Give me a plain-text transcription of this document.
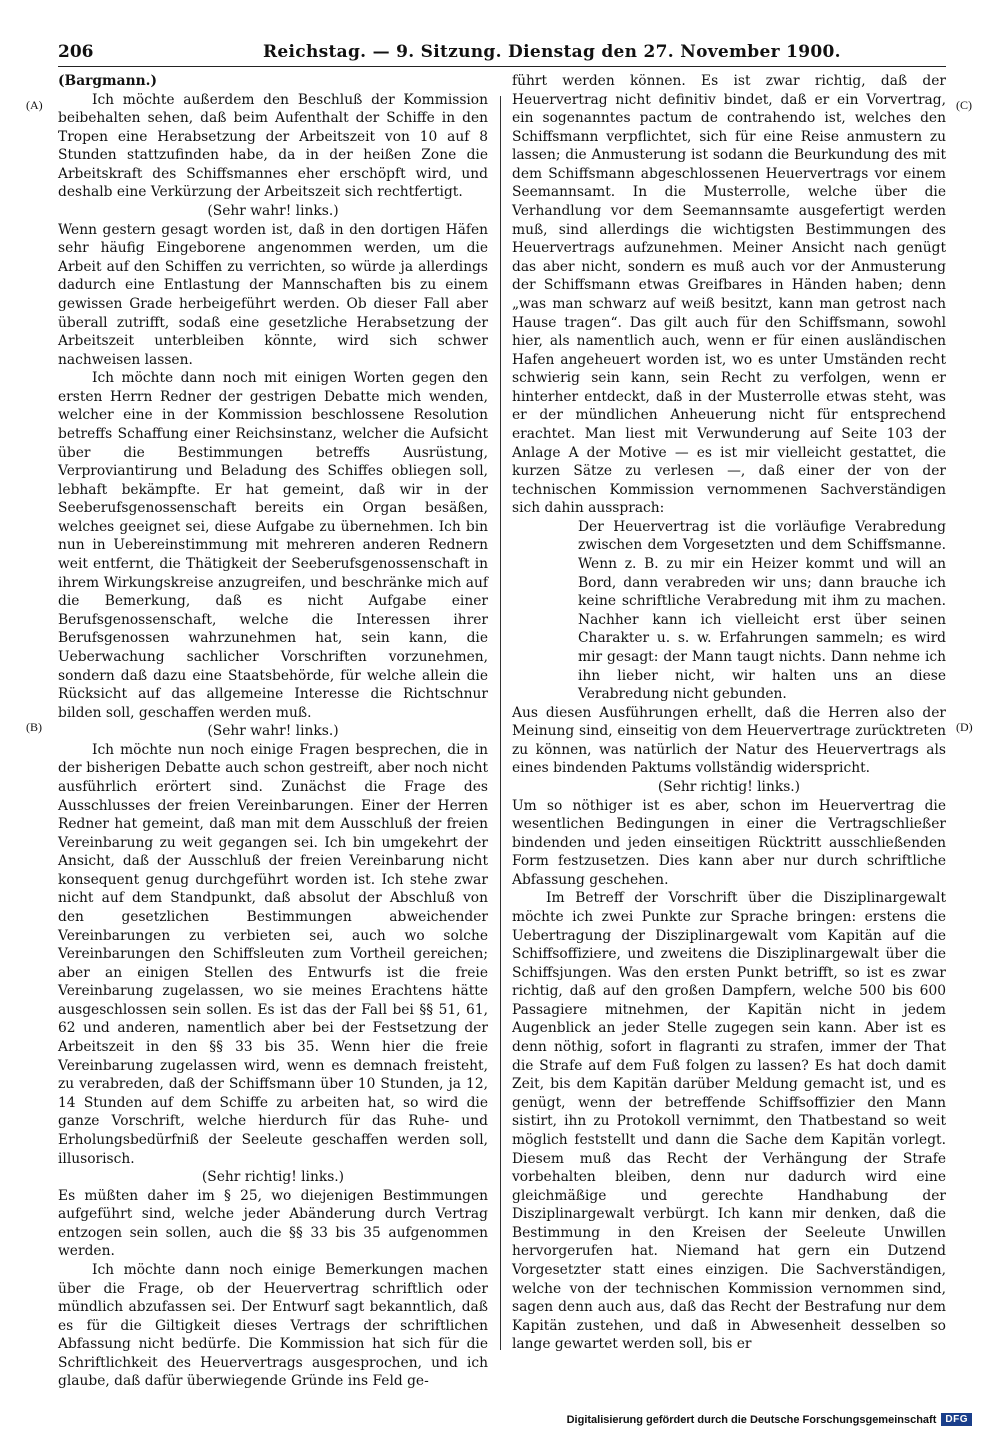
206	Reichstag. — 9. Sitzung. Dienstag den 27. November 1900.
(A)
(B)
(C)
(D)

(Bargmann.)

Ich möchte außerdem den Beschluß der Kommission beibehalten sehen, daß beim Aufenthalt der Schiffe in den Tropen eine Herabsetzung der Arbeitszeit von 10 auf 8 Stunden stattzufinden habe, da in der heißen Zone die Arbeitskraft des Schiffsmannes eher erschöpft wird, und deshalb eine Verkürzung der Arbeitszeit sich rechtfertigt.

(Sehr wahr! links.)

Wenn gestern gesagt worden ist, daß in den dortigen Häfen sehr häufig Eingeborene angenommen werden, um die Arbeit auf den Schiffen zu verrichten, so würde ja allerdings dadurch eine Entlastung der Mannschaften bis zu einem gewissen Grade herbeigeführt werden. Ob dieser Fall aber überall zutrifft, sodaß eine gesetzliche Herabsetzung der Arbeitszeit unterbleiben könnte, wird sich schwer nachweisen lassen.

Ich möchte dann noch mit einigen Worten gegen den ersten Herrn Redner der gestrigen Debatte mich wenden, welcher eine in der Kommission beschlossene Resolution betreffs Schaffung einer Reichsinstanz, welcher die Aufsicht über die Bestimmungen betreffs Ausrüstung, Verproviantirung und Beladung des Schiffes obliegen soll, lebhaft bekämpfte. Er hat gemeint, daß wir in der Seeberufsgenossenschaft bereits ein Organ besäßen, welches geeignet sei, diese Aufgabe zu übernehmen. Ich bin nun in Uebereinstimmung mit mehreren anderen Rednern weit entfernt, die Thätigkeit der Seeberufsgenossenschaft in ihrem Wirkungskreise anzugreifen, und beschränke mich auf die Bemerkung, daß es nicht Aufgabe einer Berufsgenossenschaft, welche die Interessen ihrer Berufsgenossen wahrzunehmen hat, sein kann, die Ueberwachung sachlicher Vorschriften vorzunehmen, sondern daß dazu eine Staatsbehörde, für welche allein die Rücksicht auf das allgemeine Interesse die Richtschnur bilden soll, geschaffen werden muß.

(Sehr wahr! links.)

Ich möchte nun noch einige Fragen besprechen, die in der bisherigen Debatte auch schon gestreift, aber noch nicht ausführlich erörtert sind. Zunächst die Frage des Ausschlusses der freien Vereinbarungen. Einer der Herren Redner hat gemeint, daß man mit dem Ausschluß der freien Vereinbarung zu weit gegangen sei. Ich bin umgekehrt der Ansicht, daß der Ausschluß der freien Vereinbarung nicht konsequent genug durchgeführt worden ist. Ich stehe zwar nicht auf dem Standpunkt, daß absolut der Abschluß von den gesetzlichen Bestimmungen abweichender Vereinbarungen zu verbieten sei, auch wo solche Vereinbarungen den Schiffsleuten zum Vortheil gereichen; aber an einigen Stellen des Entwurfs ist die freie Vereinbarung zugelassen, wo sie meines Erachtens hätte ausgeschlossen sein sollen. Es ist das der Fall bei §§ 51, 61, 62 und anderen, namentlich aber bei der Festsetzung der Arbeitszeit in den §§ 33 bis 35. Wenn hier die freie Vereinbarung zugelassen wird, wenn es demnach freisteht, zu verabreden, daß der Schiffsmann über 10 Stunden, ja 12, 14 Stunden auf dem Schiffe zu arbeiten hat, so wird die ganze Vorschrift, welche hierdurch für das Ruhe- und Erholungsbedürfniß der Seeleute geschaffen werden soll, illusorisch.

(Sehr richtig! links.)

Es müßten daher im § 25, wo diejenigen Bestimmungen aufgeführt sind, welche jeder Abänderung durch Vertrag entzogen sein sollen, auch die §§ 33 bis 35 aufgenommen werden.

Ich möchte dann noch einige Bemerkungen machen über die Frage, ob der Heuervertrag schriftlich oder mündlich abzufassen sei. Der Entwurf sagt bekanntlich, daß es für die Giltigkeit dieses Vertrags der schriftlichen Abfassung nicht bedürfe. Die Kommission hat sich für die Schriftlichkeit des Heuervertrags ausgesprochen, und ich glaube, daß dafür überwiegende Gründe ins Feld ge-

führt werden können. Es ist zwar richtig, daß der Heuervertrag nicht definitiv bindet, daß er ein Vorvertrag, ein sogenanntes pactum de contrahendo ist, welches den Schiffsmann verpflichtet, sich für eine Reise anmustern zu lassen; die Anmusterung ist sodann die Beurkundung des mit dem Schiffsmann abgeschlossenen Heuervertrags vor einem Seemannsamt. In die Musterrolle, welche über die Verhandlung vor dem Seemannsamte ausgefertigt werden muß, sind allerdings die wichtigsten Bestimmungen des Heuervertrags aufzunehmen. Meiner Ansicht nach genügt das aber nicht, sondern es muß auch vor der Anmusterung der Schiffsmann etwas Greifbares in Händen haben; denn „was man schwarz auf weiß besitzt, kann man getrost nach Hause tragen“. Das gilt auch für den Schiffsmann, sowohl hier, als namentlich auch, wenn er für einen ausländischen Hafen angeheuert worden ist, wo es unter Umständen recht schwierig sein kann, sein Recht zu verfolgen, wenn er hinterher entdeckt, daß in der Musterrolle etwas steht, was er der mündlichen Anheuerung nicht für entsprechend erachtet. Man liest mit Verwunderung auf Seite 103 der Anlage A der Motive — es ist mir vielleicht gestattet, die kurzen Sätze zu verlesen —, daß einer der von der technischen Kommission vernommenen Sachverständigen sich dahin aussprach:

Der Heuervertrag ist die vorläufige Verabredung zwischen dem Vorgesetzten und dem Schiffsmanne. Wenn z. B. zu mir ein Heizer kommt und will an Bord, dann verabreden wir uns; dann brauche ich keine schriftliche Verabredung mit ihm zu machen. Nachher kann ich vielleicht erst über seinen Charakter u. s. w. Erfahrungen sammeln; es wird mir gesagt: der Mann taugt nichts. Dann nehme ich ihn lieber nicht, wir halten uns an diese Verabredung nicht gebunden.

Aus diesen Ausführungen erhellt, daß die Herren also der Meinung sind, einseitig von dem Heuervertrage zurücktreten zu können, was natürlich der Natur des Heuervertrags als eines bindenden Paktums vollständig widerspricht.

(Sehr richtig! links.)

Um so nöthiger ist es aber, schon im Heuervertrag die wesentlichen Bedingungen in einer die Vertragschließer bindenden und jeden einseitigen Rücktritt ausschließenden Form festzusetzen. Dies kann aber nur durch schriftliche Abfassung geschehen.

Im Betreff der Vorschrift über die Disziplinargewalt möchte ich zwei Punkte zur Sprache bringen: erstens die Uebertragung der Disziplinargewalt vom Kapitän auf die Schiffsoffiziere, und zweitens die Disziplinargewalt über die Schiffsjungen. Was den ersten Punkt betrifft, so ist es zwar richtig, daß auf den großen Dampfern, welche 500 bis 600 Passagiere mitnehmen, der Kapitän nicht in jedem Augenblick an jeder Stelle zugegen sein kann. Aber ist es denn nöthig, sofort in flagranti zu strafen, immer der That die Strafe auf dem Fuß folgen zu lassen? Es hat doch damit Zeit, bis dem Kapitän darüber Meldung gemacht ist, und es genügt, wenn der betreffende Schiffsoffizier den Mann sistirt, ihn zu Protokoll vernimmt, den Thatbestand so weit möglich feststellt und dann die Sache dem Kapitän vorlegt. Diesem muß das Recht der Verhängung der Strafe vorbehalten bleiben, denn nur dadurch wird eine gleichmäßige und gerechte Handhabung der Disziplinargewalt verbürgt. Ich kann mir denken, daß die Bestimmung in den Kreisen der Seeleute Unwillen hervorgerufen hat. Niemand hat gern ein Dutzend Vorgesetzter statt eines einzigen. Die Sachverständigen, welche von der technischen Kommission vernommen sind, sagen denn auch aus, daß das Recht der Bestrafung nur dem Kapitän zustehen, und daß in Abwesenheit desselben so lange gewartet werden soll, bis er

Digitalisierung gefördert durch die Deutsche Forschungsgemeinschaft DFG
